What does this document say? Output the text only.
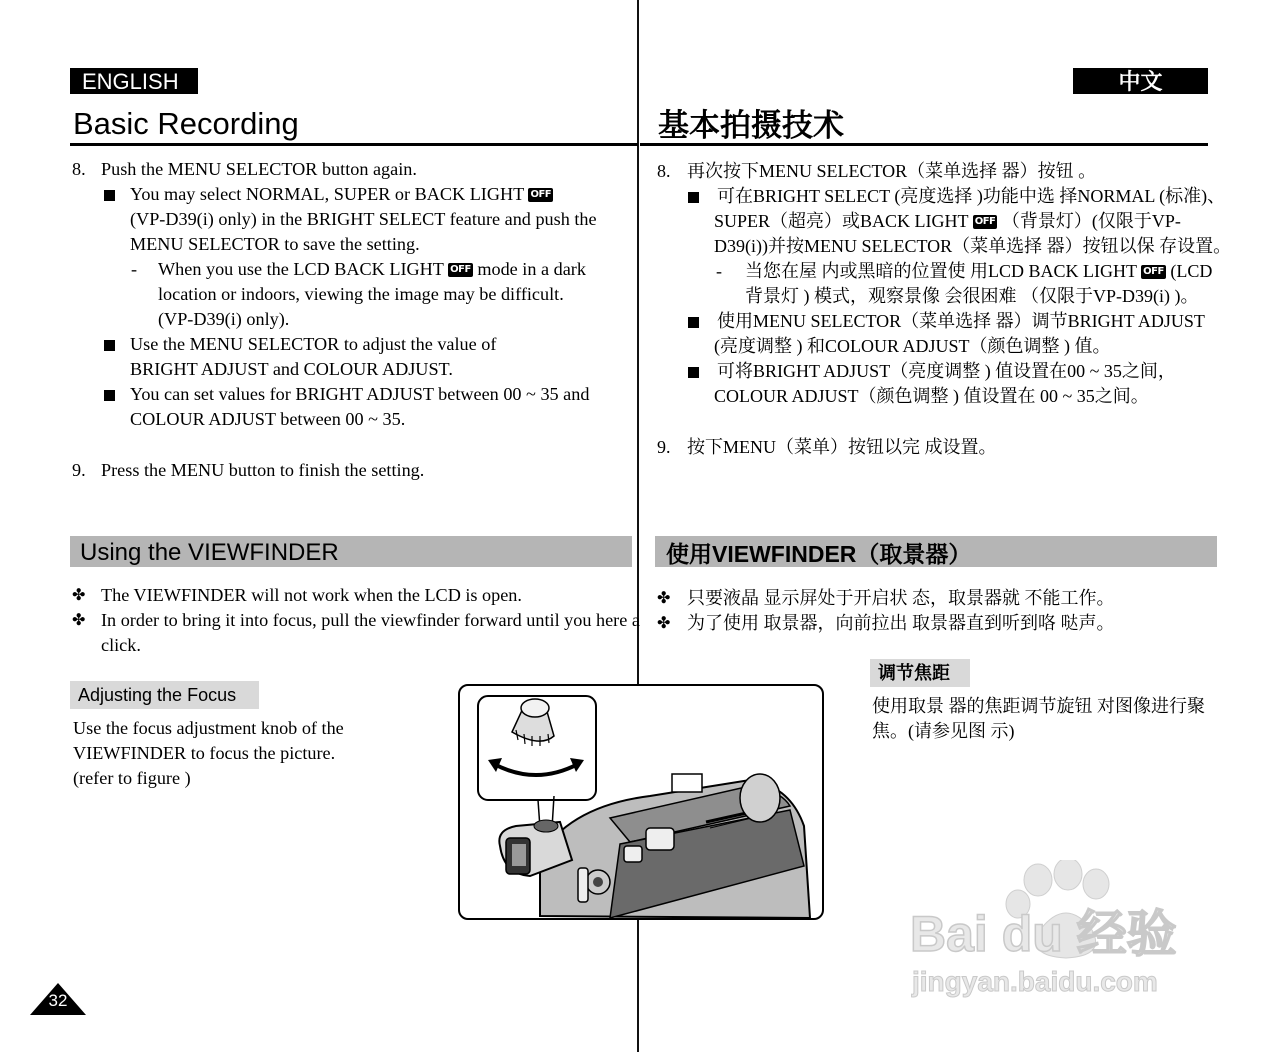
ENGLISH	中文
Basic Recording	基本拍摄技术
8. Push the MENU SELECTOR button again.
You may select NORMAL, SUPER or BACK LIGHT OFF
(VP-D39(i) only) in the BRIGHT SELECT feature and push the
MENU SELECTOR to save the setting.
- When you use the LCD BACK LIGHT OFF mode in a dark
location or indoors, viewing the image may be difficult.
(VP-D39(i) only).
Use the MENU SELECTOR to adjust the value of
BRIGHT ADJUST and COLOUR ADJUST.
You can set values for BRIGHT ADJUST between 00 ~ 35 and
COLOUR ADJUST between 00 ~ 35.
9. Press the MENU button to finish the setting.
8. 再次按下MENU SELECTOR（菜单选择 器）按钮 。
可在BRIGHT SELECT (亮度选择 )功能中选 择NORMAL (标准)、
SUPER（超亮）或BACK LIGHT OFF （背景灯）(仅限于VP-
D39(i))并按MENU SELECTOR（菜单选择 器）按钮以保 存设置。
- 当您在屋 内或黑暗的位置使 用LCD BACK LIGHT OFF (LCD
背景灯 ) 模式，观察景像 会很困难 （仅限于VP-D39(i) )。
使用MENU SELECTOR（菜单选择 器）调节BRIGHT ADJUST
(亮度调整 ) 和COLOUR ADJUST（颜色调整 ) 值。
可将BRIGHT ADJUST（亮度调整 ) 值设置在00 ~ 35之间，
COLOUR ADJUST（颜色调整 ) 值设置在 00 ~ 35之间。
9. 按下MENU（菜单）按钮以完 成设置。
Using the VIEWFINDER	使用VIEWFINDER（取景器）
✤ The VIEWFINDER will not work when the LCD is open.
✤ In order to bring it into focus, pull the viewfinder forward until you here a
click.
Adjusting the Focus
Use the focus adjustment knob of the
VIEWFINDER to focus the picture.
(refer to figure )
✤ 只要液晶 显示屏处于开启状 态，取景器就 不能工作。
✤ 为了使用 取景器，向前拉出 取景器直到听到咯 哒声。
调节焦距
使用取景 器的焦距调节旋钮 对图像进行聚
焦。(请参见图 示)
32
Bai du 经验
jingyan.baidu.com
